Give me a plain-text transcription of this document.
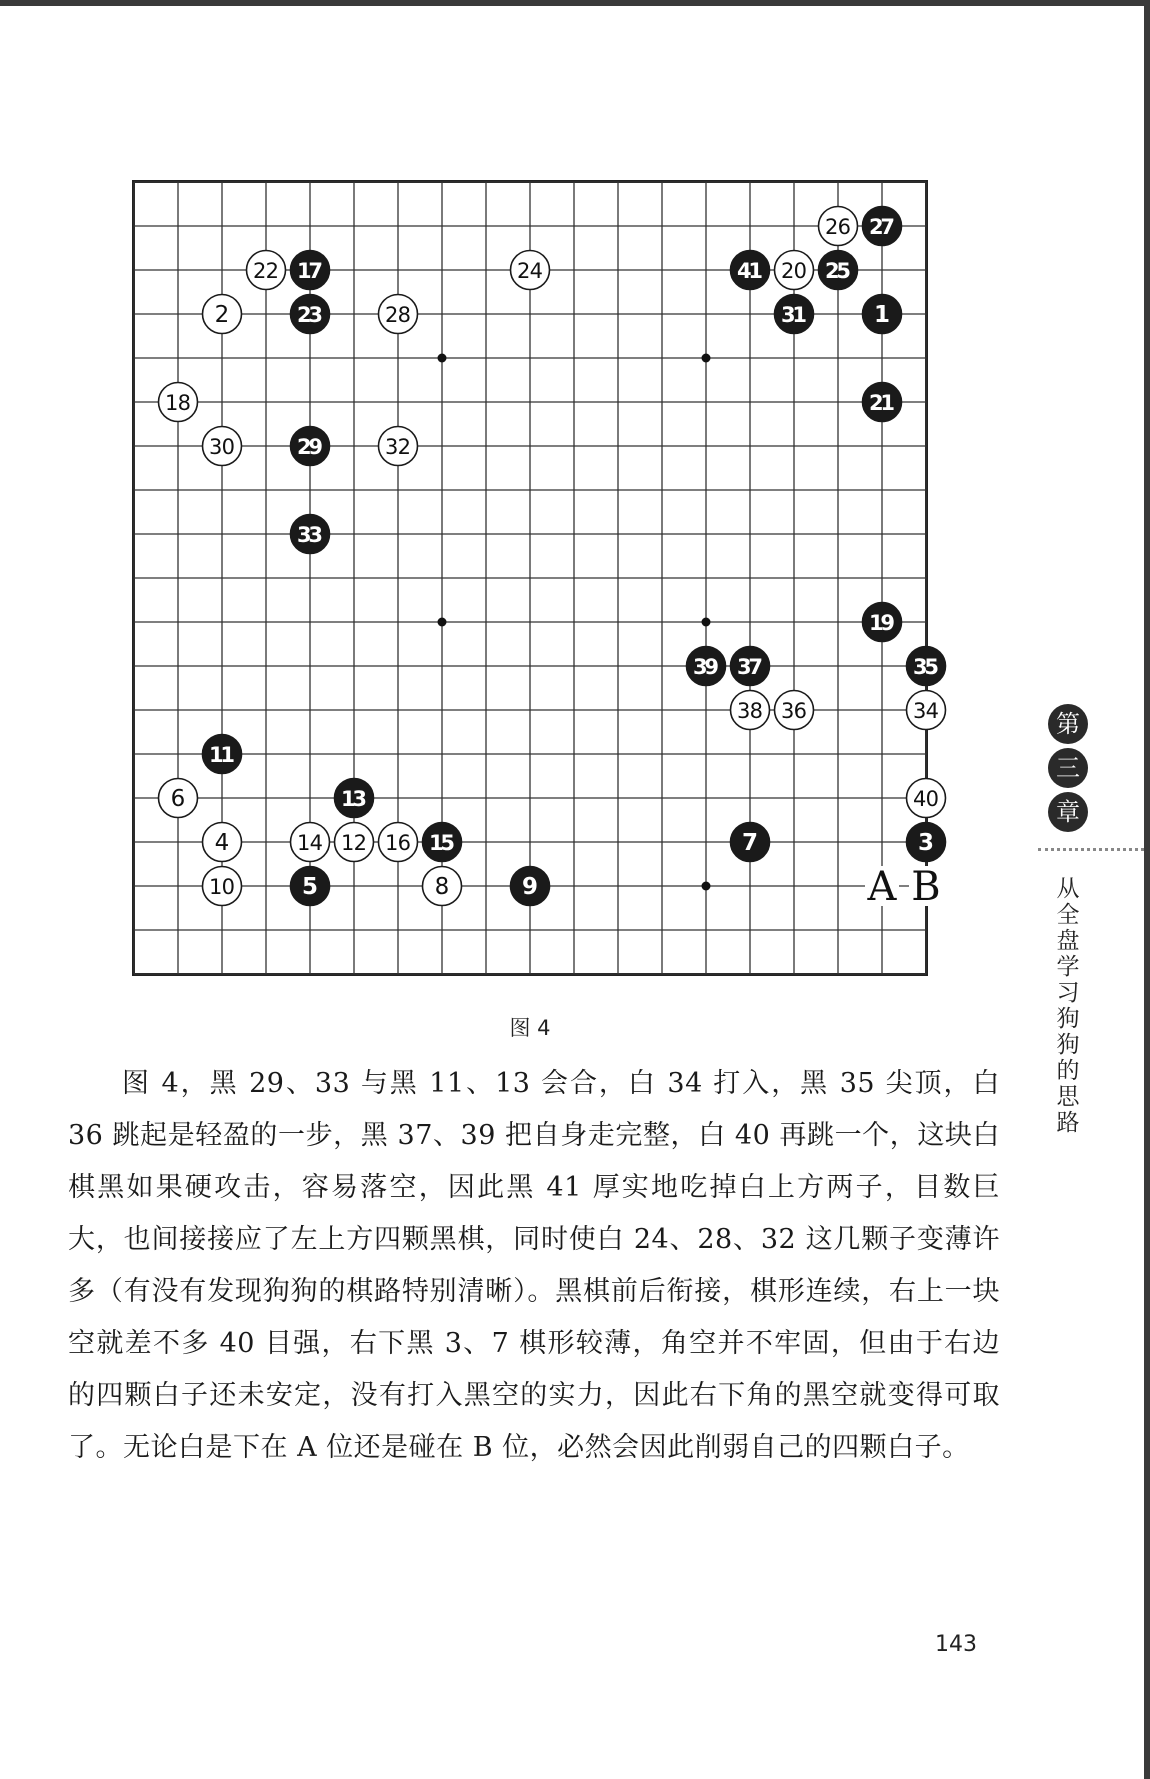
26 27
41 20 25
24
22 17
2	23	28	31	1
18	21
30	29	32
33
19
39 37	35
38 36	34
11
6	13	40
4	14 12 16 15	7	3
10	5	8	9	A B
图 4

图 4，黑 29、33 与黑 11、13 会合，白 34 打入，黑 35 尖顶，白 36 跳起是轻盈的一步，黑 37、39 把自身走完整，白 40 再跳一个，这块白棋黑如果硬攻击，容易落空，因此黑 41 厚实地吃掉白上方两子，目数巨大，也间接接应了左上方四颗黑棋，同时使白 24、28、32 这几颗子变薄许多（有没有发现狗狗的棋路特别清晰）。黑棋前后衔接，棋形连续，右上一块空就差不多 40 目强，右下黑 3、7 棋形较薄，角空并不牢固，但由于右边的四颗白子还未安定，没有打入黑空的实力，因此右下角的黑空就变得可取了。无论白是下在 A 位还是碰在 B 位，必然会因此削弱自己的四颗白子。

143
第
三
章
从全盘学习狗狗的思路
